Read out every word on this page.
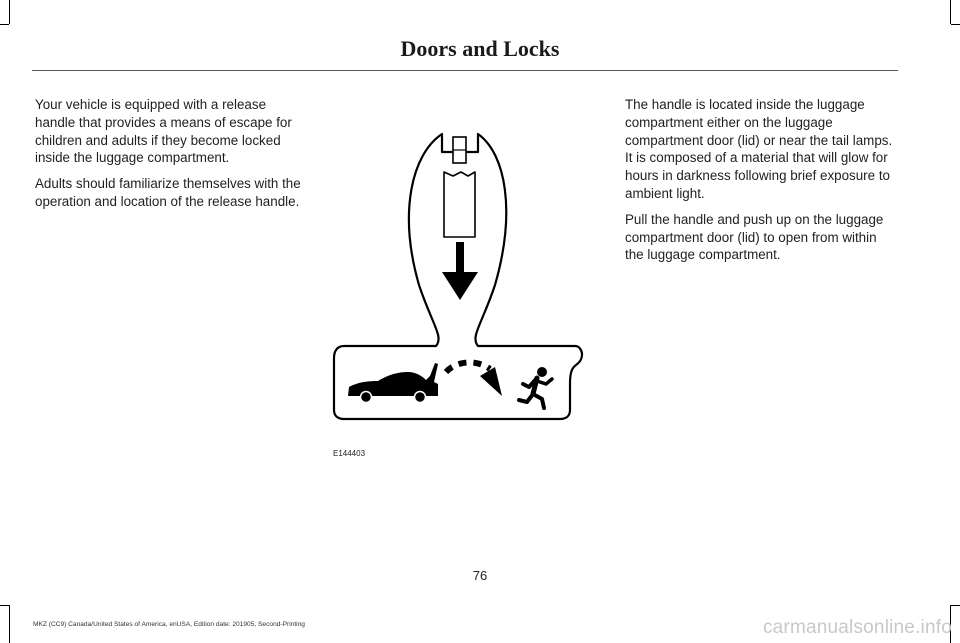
Doors and Locks

Your vehicle is equipped with a release handle that provides a means of escape for children and adults if they become locked inside the luggage compartment.

Adults should familiarize themselves with the operation and location of the release handle.

E144403

The handle is located inside the luggage compartment either on the luggage compartment door (lid) or near the tail lamps. It is composed of a material that will glow for hours in darkness following brief exposure to ambient light.

Pull the handle and push up on the luggage compartment door (lid) to open from within the luggage compartment.

76
MKZ (CC9) Canada/United States of America, enUSA, Edition date: 201905, Second-Printing	carmanualsonline.info
